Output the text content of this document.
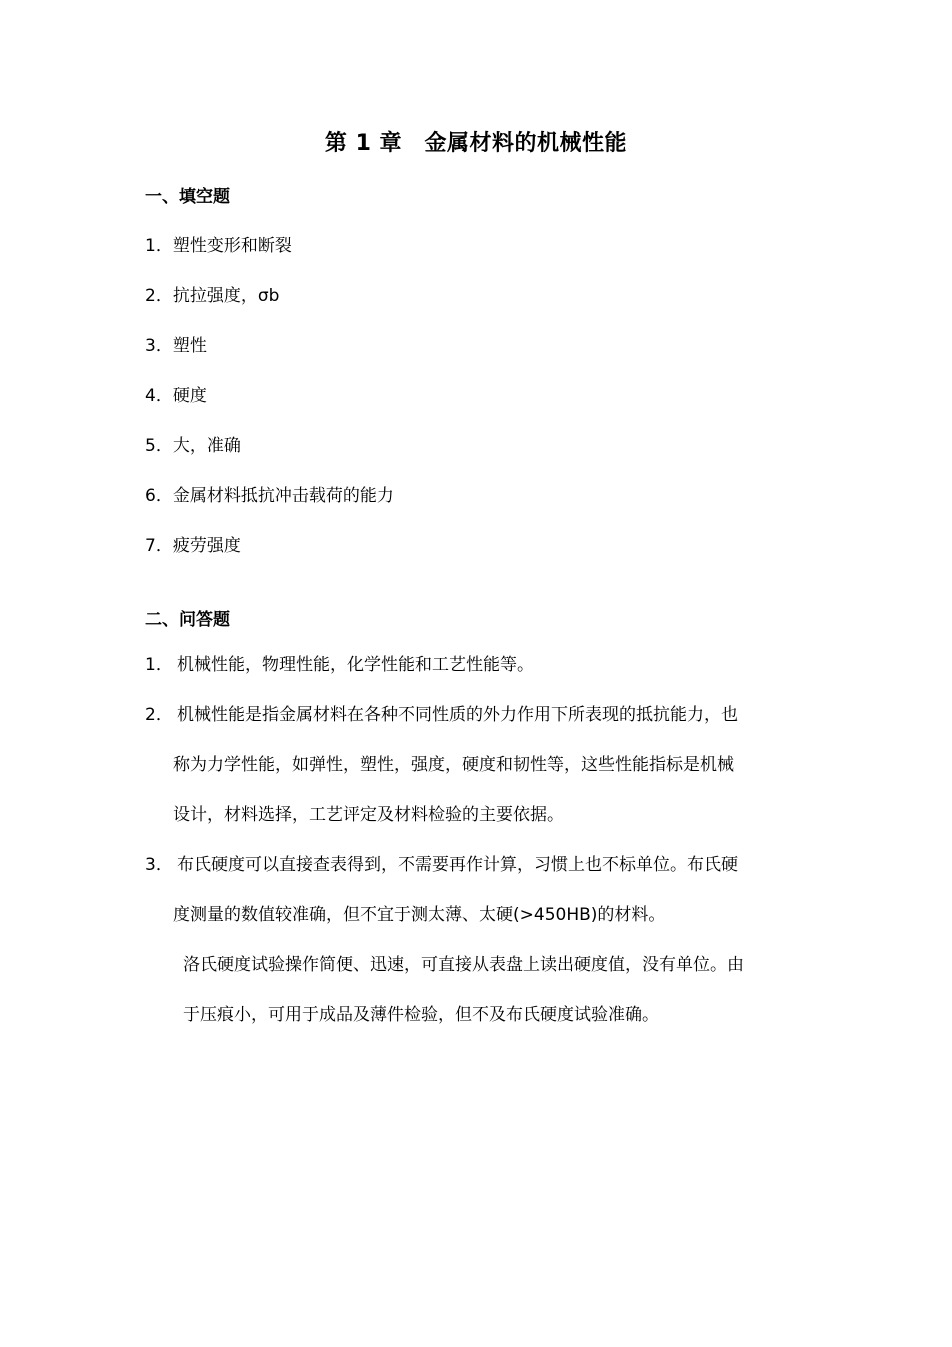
第 1 章　金属材料的机械性能
一、填空题
1．塑性变形和断裂
2．抗拉强度，σb
3．塑性
4．硬度
5．大，准确
6．金属材料抵抗冲击载荷的能力
7．疲劳强度
二、问答题
1． 机械性能，物理性能，化学性能和工艺性能等。
2． 机械性能是指金属材料在各种不同性质的外力作用下所表现的抵抗能力，也
称为力学性能，如弹性，塑性，强度，硬度和韧性等，这些性能指标是机械
设计，材料选择，工艺评定及材料检验的主要依据。
3． 布氏硬度可以直接查表得到，不需要再作计算，习惯上也不标单位。布氏硬
度测量的数值较准确，但不宜于测太薄、太硬(>450HB)的材料。
洛氏硬度试验操作简便、迅速，可直接从表盘上读出硬度值，没有单位。由
于压痕小，可用于成品及薄件检验，但不及布氏硬度试验准确。
